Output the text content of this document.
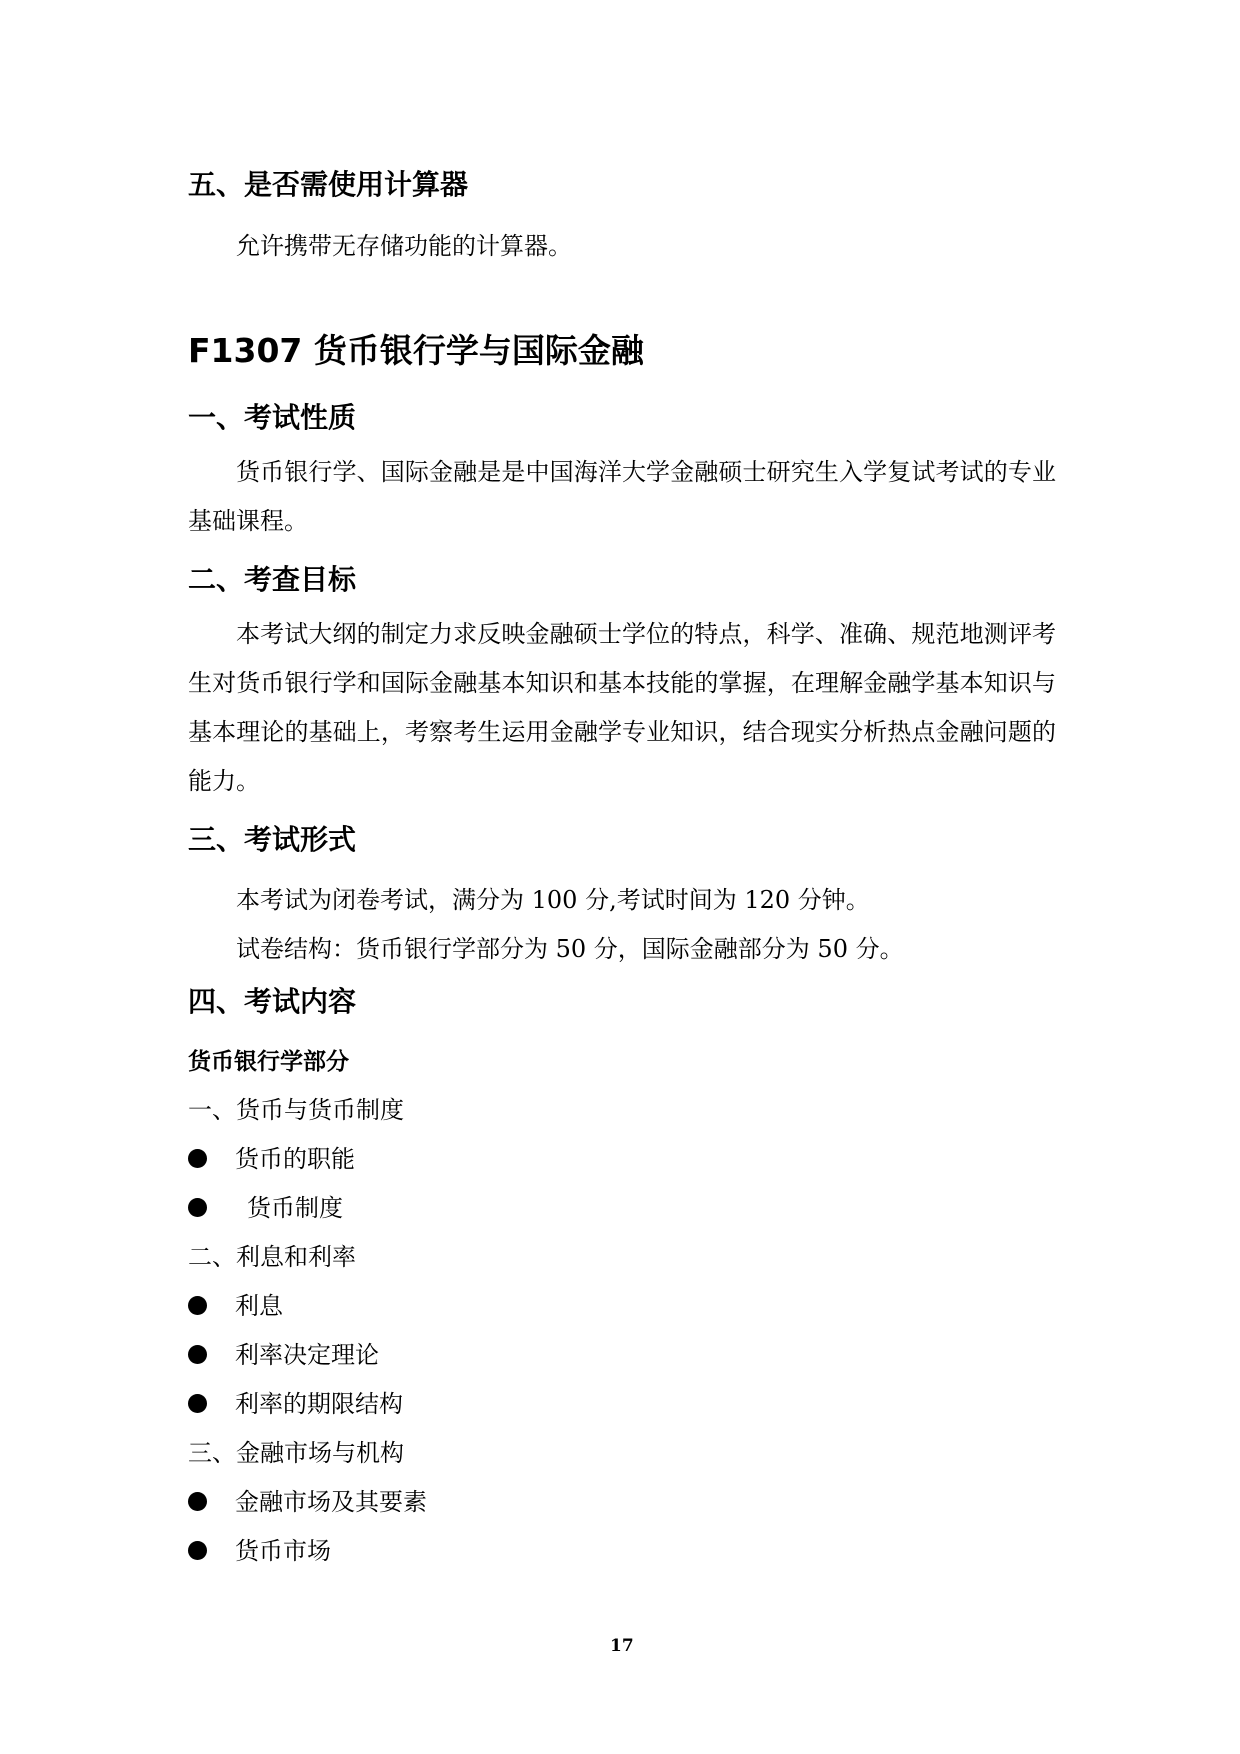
五、是否需使用计算器
允许携带无存储功能的计算器。
F1307 货币银行学与国际金融
一、考试性质
货币银行学、国际金融是是中国海洋大学金融硕士研究生入学复试考试的专业基础课程。
二、考查目标
本考试大纲的制定力求反映金融硕士学位的特点，科学、准确、规范地测评考生对货币银行学和国际金融基本知识和基本技能的掌握，在理解金融学基本知识与基本理论的基础上，考察考生运用金融学专业知识，结合现实分析热点金融问题的能力。
三、考试形式
本考试为闭卷考试，满分为 100 分,考试时间为 120 分钟。
试卷结构：货币银行学部分为 50 分，国际金融部分为 50 分。
四、考试内容
货币银行学部分
一、货币与货币制度
货币的职能
货币制度
二、利息和利率
利息
利率决定理论
利率的期限结构
三、金融市场与机构
金融市场及其要素
货币市场
17
